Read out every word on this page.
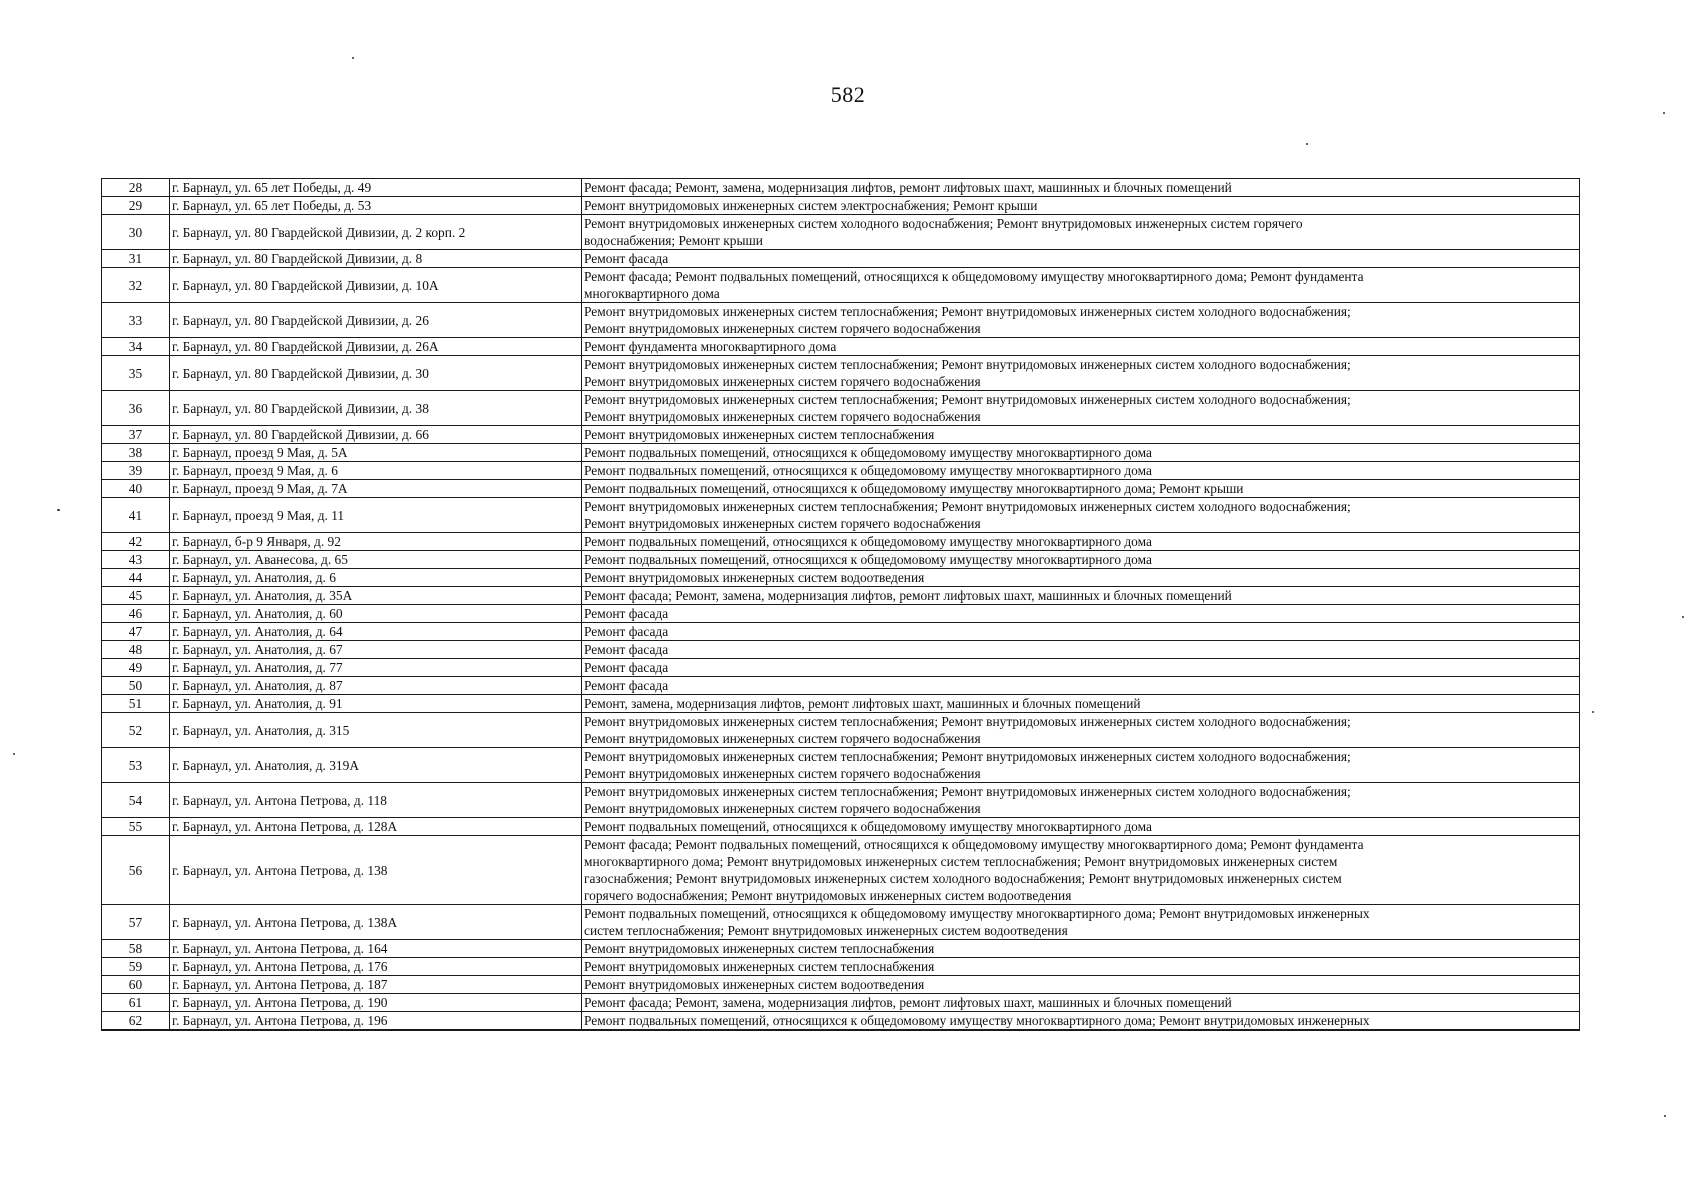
582
28	г. Барнаул, ул. 65 лет Победы, д. 49	Ремонт фасада; Ремонт, замена, модернизация лифтов, ремонт лифтовых шахт, машинных и блочных помещений
29	г. Барнаул, ул. 65 лет Победы, д. 53	Ремонт внутридомовых инженерных систем электроснабжения; Ремонт крыши
30	г. Барнаул, ул. 80 Гвардейской Дивизии, д. 2 корп. 2	Ремонт внутридомовых инженерных систем холодного водоснабжения; Ремонт внутридомовых инженерных систем горячего
водоснабжения; Ремонт крыши
31	г. Барнаул, ул. 80 Гвардейской Дивизии, д. 8	Ремонт фасада
32	г. Барнаул, ул. 80 Гвардейской Дивизии, д. 10А	Ремонт фасада; Ремонт подвальных помещений, относящихся к общедомовому имуществу многоквартирного дома; Ремонт фундамента
многоквартирного дома
33	г. Барнаул, ул. 80 Гвардейской Дивизии, д. 26	Ремонт внутридомовых инженерных систем теплоснабжения; Ремонт внутридомовых инженерных систем холодного водоснабжения;
Ремонт внутридомовых инженерных систем горячего водоснабжения
34	г. Барнаул, ул. 80 Гвардейской Дивизии, д. 26А	Ремонт фундамента многоквартирного дома
35	г. Барнаул, ул. 80 Гвардейской Дивизии, д. 30	Ремонт внутридомовых инженерных систем теплоснабжения; Ремонт внутридомовых инженерных систем холодного водоснабжения;
Ремонт внутридомовых инженерных систем горячего водоснабжения
36	г. Барнаул, ул. 80 Гвардейской Дивизии, д. 38	Ремонт внутридомовых инженерных систем теплоснабжения; Ремонт внутридомовых инженерных систем холодного водоснабжения;
Ремонт внутридомовых инженерных систем горячего водоснабжения
37	г. Барнаул, ул. 80 Гвардейской Дивизии, д. 66	Ремонт внутридомовых инженерных систем теплоснабжения
38	г. Барнаул, проезд 9 Мая, д. 5А	Ремонт подвальных помещений, относящихся к общедомовому имуществу многоквартирного дома
39	г. Барнаул, проезд 9 Мая, д. 6	Ремонт подвальных помещений, относящихся к общедомовому имуществу многоквартирного дома
40	г. Барнаул, проезд 9 Мая, д. 7А	Ремонт подвальных помещений, относящихся к общедомовому имуществу многоквартирного дома; Ремонт крыши
41	г. Барнаул, проезд 9 Мая, д. 11	Ремонт внутридомовых инженерных систем теплоснабжения; Ремонт внутридомовых инженерных систем холодного водоснабжения;
Ремонт внутридомовых инженерных систем горячего водоснабжения
42	г. Барнаул, б-р 9 Января, д. 92	Ремонт подвальных помещений, относящихся к общедомовому имуществу многоквартирного дома
43	г. Барнаул, ул. Аванесова, д. 65	Ремонт подвальных помещений, относящихся к общедомовому имуществу многоквартирного дома
44	г. Барнаул, ул. Анатолия, д. 6	Ремонт внутридомовых инженерных систем водоотведения
45	г. Барнаул, ул. Анатолия, д. 35А	Ремонт фасада; Ремонт, замена, модернизация лифтов, ремонт лифтовых шахт, машинных и блочных помещений
46	г. Барнаул, ул. Анатолия, д. 60	Ремонт фасада
47	г. Барнаул, ул. Анатолия, д. 64	Ремонт фасада
48	г. Барнаул, ул. Анатолия, д. 67	Ремонт фасада
49	г. Барнаул, ул. Анатолия, д. 77	Ремонт фасада
50	г. Барнаул, ул. Анатолия, д. 87	Ремонт фасада
51	г. Барнаул, ул. Анатолия, д. 91	Ремонт, замена, модернизация лифтов, ремонт лифтовых шахт, машинных и блочных помещений
52	г. Барнаул, ул. Анатолия, д. 315	Ремонт внутридомовых инженерных систем теплоснабжения; Ремонт внутридомовых инженерных систем холодного водоснабжения;
Ремонт внутридомовых инженерных систем горячего водоснабжения
53	г. Барнаул, ул. Анатолия, д. 319А	Ремонт внутридомовых инженерных систем теплоснабжения; Ремонт внутридомовых инженерных систем холодного водоснабжения;
Ремонт внутридомовых инженерных систем горячего водоснабжения
54	г. Барнаул, ул. Антона Петрова, д. 118	Ремонт внутридомовых инженерных систем теплоснабжения; Ремонт внутридомовых инженерных систем холодного водоснабжения;
Ремонт внутридомовых инженерных систем горячего водоснабжения
55	г. Барнаул, ул. Антона Петрова, д. 128А	Ремонт подвальных помещений, относящихся к общедомовому имуществу многоквартирного дома
56	г. Барнаул, ул. Антона Петрова, д. 138	Ремонт фасада; Ремонт подвальных помещений, относящихся к общедомовому имуществу многоквартирного дома; Ремонт фундамента
многоквартирного дома; Ремонт внутридомовых инженерных систем теплоснабжения; Ремонт внутридомовых инженерных систем
газоснабжения; Ремонт внутридомовых инженерных систем холодного водоснабжения; Ремонт внутридомовых инженерных систем
горячего водоснабжения; Ремонт внутридомовых инженерных систем водоотведения
57	г. Барнаул, ул. Антона Петрова, д. 138А	Ремонт подвальных помещений, относящихся к общедомовому имуществу многоквартирного дома; Ремонт внутридомовых инженерных
систем теплоснабжения; Ремонт внутридомовых инженерных систем водоотведения
58	г. Барнаул, ул. Антона Петрова, д. 164	Ремонт внутридомовых инженерных систем теплоснабжения
59	г. Барнаул, ул. Антона Петрова, д. 176	Ремонт внутридомовых инженерных систем теплоснабжения
60	г. Барнаул, ул. Антона Петрова, д. 187	Ремонт внутридомовых инженерных систем водоотведения
61	г. Барнаул, ул. Антона Петрова, д. 190	Ремонт фасада; Ремонт, замена, модернизация лифтов, ремонт лифтовых шахт, машинных и блочных помещений
62	г. Барнаул, ул. Антона Петрова, д. 196	Ремонт подвальных помещений, относящихся к общедомовому имуществу многоквартирного дома; Ремонт внутридомовых инженерных
